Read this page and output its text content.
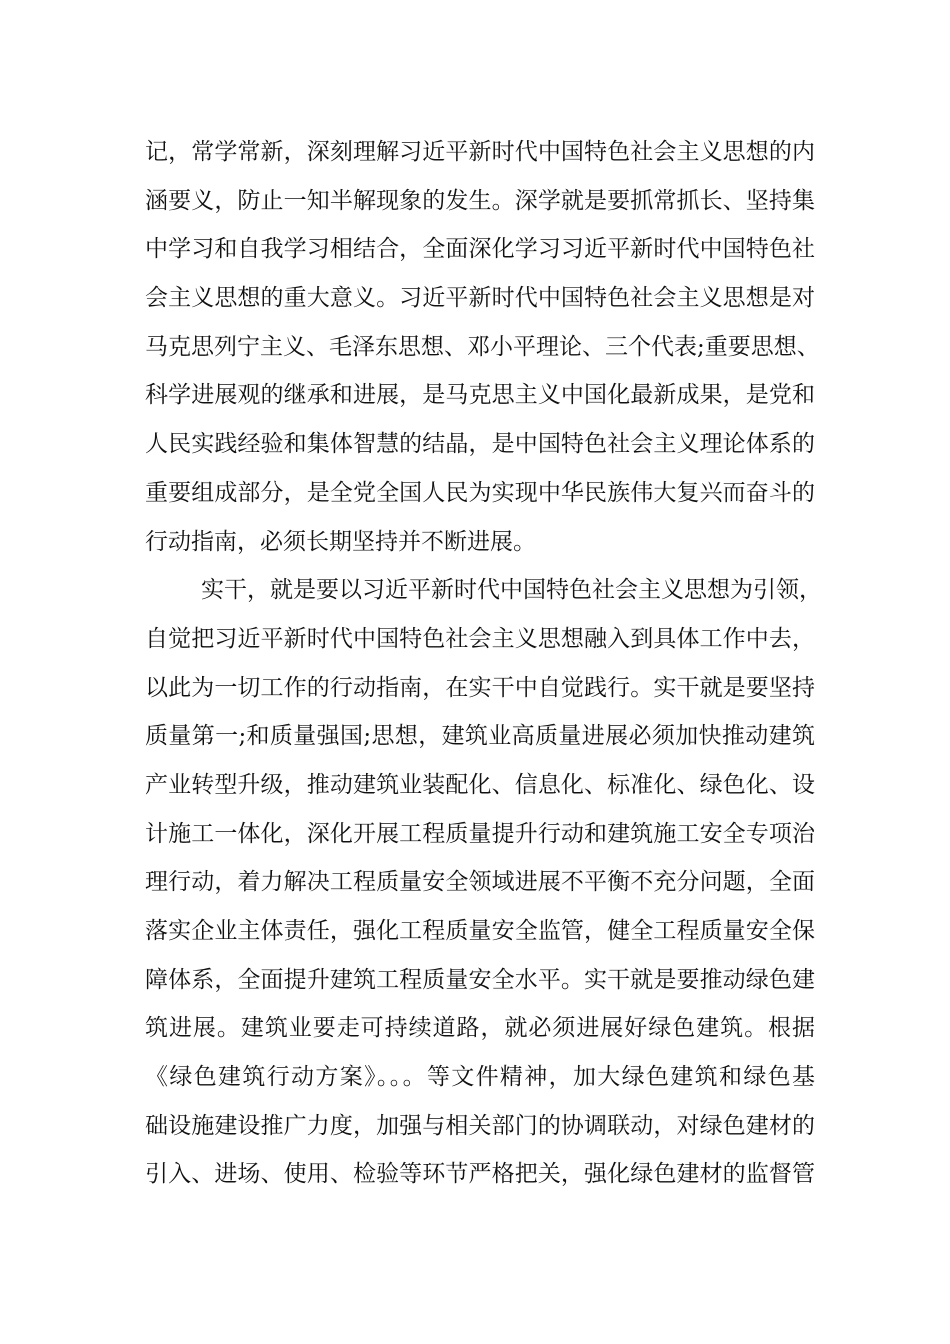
记，常学常新，深刻理解习近平新时代中国特色社会主义思想的内
涵要义，防止一知半解现象的发生。深学就是要抓常抓长、坚持集
中学习和自我学习相结合，全面深化学习习近平新时代中国特色社
会主义思想的重大意义。习近平新时代中国特色社会主义思想是对
马克思列宁主义、毛泽东思想、邓小平理论、三个代表;重要思想、
科学进展观的继承和进展，是马克思主义中国化最新成果，是党和
人民实践经验和集体智慧的结晶，是中国特色社会主义理论体系的
重要组成部分，是全党全国人民为实现中华民族伟大复兴而奋斗的
行动指南，必须长期坚持并不断进展。
实干，就是要以习近平新时代中国特色社会主义思想为引领，
自觉把习近平新时代中国特色社会主义思想融入到具体工作中去，
以此为一切工作的行动指南，在实干中自觉践行。实干就是要坚持
质量第一;和质量强国;思想，建筑业高质量进展必须加快推动建筑
产业转型升级，推动建筑业装配化、信息化、标准化、绿色化、设
计施工一体化，深化开展工程质量提升行动和建筑施工安全专项治
理行动，着力解决工程质量安全领域进展不平衡不充分问题，全面
落实企业主体责任，强化工程质量安全监管，健全工程质量安全保
障体系，全面提升建筑工程质量安全水平。实干就是要推动绿色建
筑进展。建筑业要走可持续道路，就必须进展好绿色建筑。根据
《绿色建筑行动方案》。。。等文件精神，加大绿色建筑和绿色基
础设施建设推广力度，加强与相关部门的协调联动，对绿色建材的
引入、进场、使用、检验等环节严格把关，强化绿色建材的监督管
